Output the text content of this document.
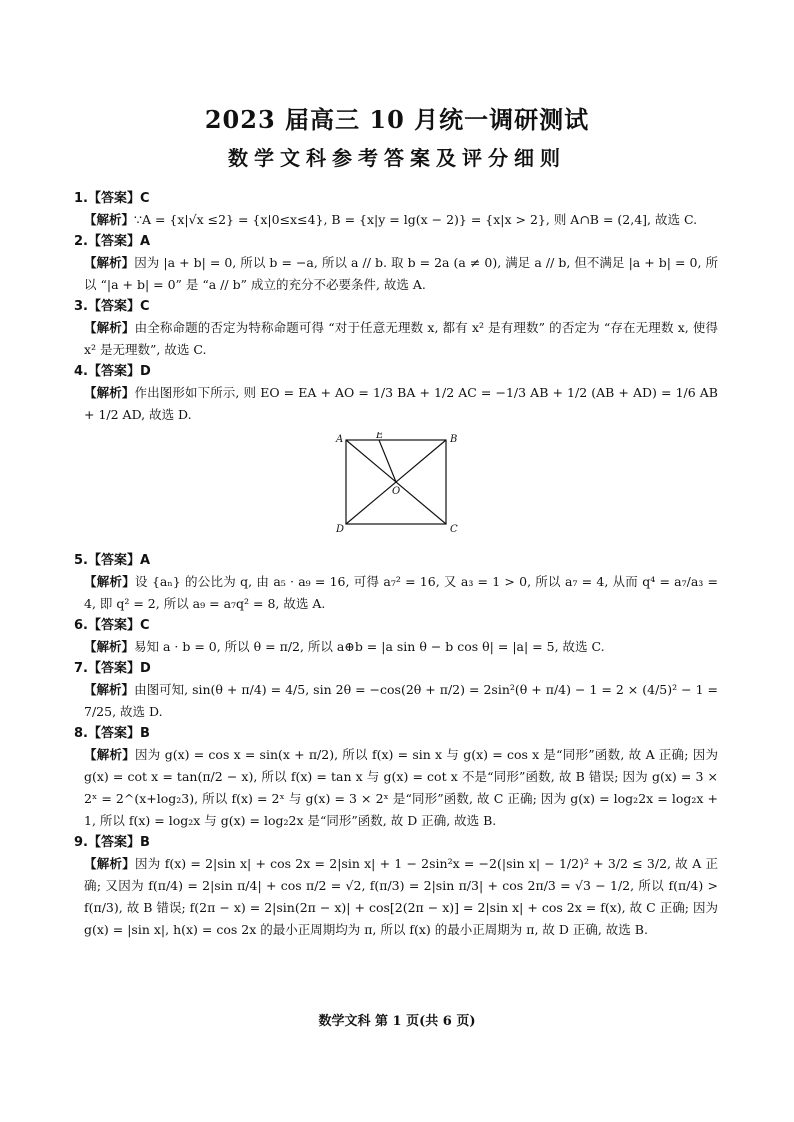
2023 届高三 10 月统一调研测试
数学文科参考答案及评分细则
1.【答案】C
【解析】∵A = {x|√x ≤2} = {x|0≤x≤4}, B = {x|y = lg(x − 2)} = {x|x > 2}, 则 A∩B = (2,4], 故选 C.
2.【答案】A
【解析】因为 |a + b| = 0, 所以 b = −a, 所以 a // b. 取 b = 2a (a ≠ 0), 满足 a // b, 但不满足 |a + b| = 0, 所以 “|a + b| = 0” 是 “a // b” 成立的充分不必要条件, 故选 A.
3.【答案】C
【解析】由全称命题的否定为特称命题可得 “对于任意无理数 x, 都有 x² 是有理数” 的否定为 “存在无理数 x, 使得 x² 是无理数”, 故选 C.
4.【答案】D
【解析】作出图形如下所示, 则 EO = EA + AO = 1/3 BA + 1/2 AC = −1/3 AB + 1/2 (AB + AD) = 1/6 AB + 1/2 AD, 故选 D.
A	B
C
D
E
O
5.【答案】A
【解析】设 {aₙ} 的公比为 q, 由 a₅ · a₉ = 16, 可得 a₇² = 16, 又 a₃ = 1 > 0, 所以 a₇ = 4, 从而 q⁴ = a₇/a₃ = 4, 即 q² = 2, 所以 a₉ = a₇q² = 8, 故选 A.
6.【答案】C
【解析】易知 a · b = 0, 所以 θ = π/2, 所以 a⊕b = |a sin θ − b cos θ| = |a| = 5, 故选 C.
7.【答案】D
【解析】由图可知, sin(θ + π/4) = 4/5, sin 2θ = −cos(2θ + π/2) = 2sin²(θ + π/4) − 1 = 2 × (4/5)² − 1 = 7/25, 故选 D.
8.【答案】B
【解析】因为 g(x) = cos x = sin(x + π/2), 所以 f(x) = sin x 与 g(x) = cos x 是“同形”函数, 故 A 正确; 因为 g(x) = cot x = tan(π/2 − x), 所以 f(x) = tan x 与 g(x) = cot x 不是“同形”函数, 故 B 错误; 因为 g(x) = 3 × 2ˣ = 2^(x+log₂3), 所以 f(x) = 2ˣ 与 g(x) = 3 × 2ˣ 是“同形”函数, 故 C 正确; 因为 g(x) = log₂2x = log₂x + 1, 所以 f(x) = log₂x 与 g(x) = log₂2x 是“同形”函数, 故 D 正确, 故选 B.
9.【答案】B
【解析】因为 f(x) = 2|sin x| + cos 2x = 2|sin x| + 1 − 2sin²x = −2(|sin x| − 1/2)² + 3/2 ≤ 3/2, 故 A 正确; 又因为 f(π/4) = 2|sin π/4| + cos π/2 = √2, f(π/3) = 2|sin π/3| + cos 2π/3 = √3 − 1/2, 所以 f(π/4) > f(π/3), 故 B 错误; f(2π − x) = 2|sin(2π − x)| + cos[2(2π − x)] = 2|sin x| + cos 2x = f(x), 故 C 正确; 因为 g(x) = |sin x|, h(x) = cos 2x 的最小正周期均为 π, 所以 f(x) 的最小正周期为 π, 故 D 正确, 故选 B.
数学文科 第 1 页(共 6 页)
